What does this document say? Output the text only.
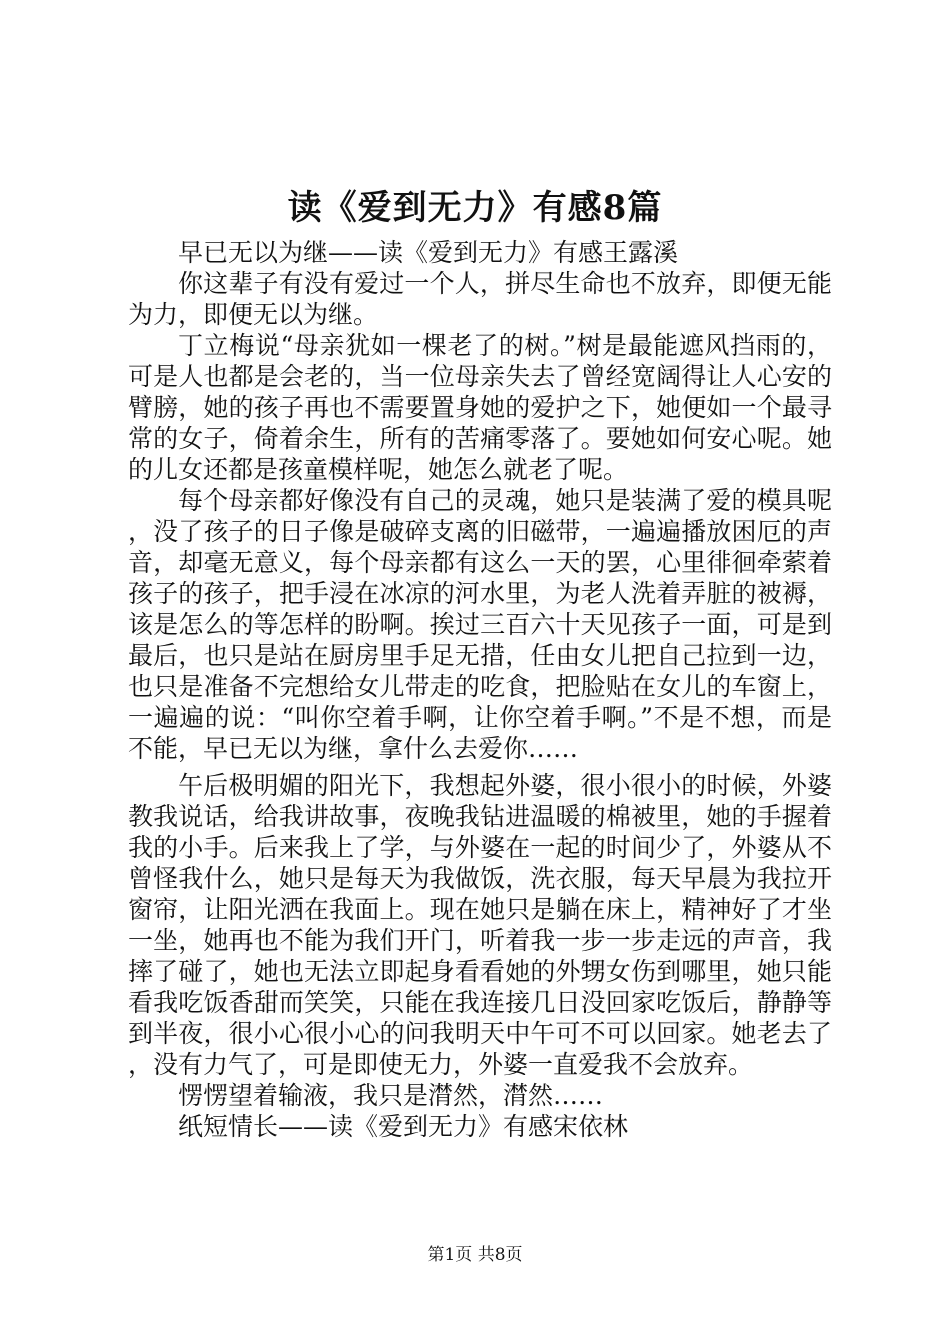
读《爱到无力》有感8篇

早已无以为继——读《爱到无力》有感王露溪

你这辈子有没有爱过一个人，拼尽生命也不放弃，即便无能为力，即便无以为继。

丁立梅说“母亲犹如一棵老了的树。”树是最能遮风挡雨的，可是人也都是会老的，当一位母亲失去了曾经宽阔得让人心安的臂膀，她的孩子再也不需要置身她的爱护之下，她便如一个最寻常的女子，倚着余生，所有的苦痛零落了。要她如何安心呢。她的儿女还都是孩童模样呢，她怎么就老了呢。

每个母亲都好像没有自己的灵魂，她只是装满了爱的模具呢，没了孩子的日子像是破碎支离的旧磁带，一遍遍播放困厄的声音，却毫无意义，每个母亲都有这么一天的罢，心里徘徊牵萦着孩子的孩子，把手浸在冰凉的河水里，为老人洗着弄脏的被褥，该是怎么的等怎样的盼啊。挨过三百六十天见孩子一面，可是到最后，也只是站在厨房里手足无措，任由女儿把自己拉到一边，也只是准备不完想给女儿带走的吃食，把脸贴在女儿的车窗上，一遍遍的说：“叫你空着手啊，让你空着手啊。”不是不想，而是不能，早已无以为继，拿什么去爱你……

午后极明媚的阳光下，我想起外婆，很小很小的时候，外婆教我说话，给我讲故事，夜晚我钻进温暖的棉被里，她的手握着我的小手。后来我上了学，与外婆在一起的时间少了，外婆从不曾怪我什么，她只是每天为我做饭，洗衣服，每天早晨为我拉开窗帘，让阳光洒在我面上。现在她只是躺在床上，精神好了才坐一坐，她再也不能为我们开门，听着我一步一步走远的声音，我摔了碰了，她也无法立即起身看看她的外甥女伤到哪里，她只能看我吃饭香甜而笑笑，只能在我连接几日没回家吃饭后，静静等到半夜，很小心很小心的问我明天中午可不可以回家。她老去了，没有力气了，可是即使无力，外婆一直爱我不会放弃。

愣愣望着输液，我只是潸然，潸然……

纸短情长——读《爱到无力》有感宋依林

第1页 共8页
